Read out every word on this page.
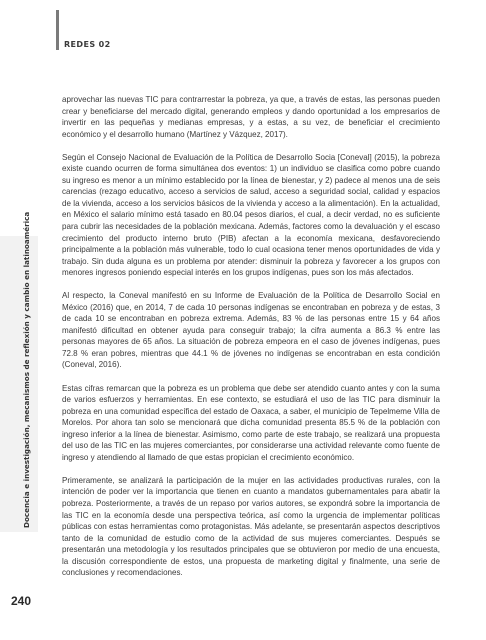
REDES 02
Docencia e investigación, mecanismos de reflexión y cambio en latinoamérica

aprovechar las nuevas TIC para contrarrestar la pobreza, ya que, a través de estas, las personas pueden crear y beneficiarse del mercado digital, generando empleos y dando oportunidad a los empresarios de invertir en las pequeñas y medianas empresas, y a estas, a su vez, de beneficiar el crecimiento económico y el desarrollo humano (Martínez y Vázquez, 2017).

Según el Consejo Nacional de Evaluación de la Política de Desarrollo Socia [Coneval] (2015), la pobreza existe cuando ocurren de forma simultánea dos eventos: 1) un individuo se clasifica como pobre cuando su ingreso es menor a un mínimo establecido por la línea de bienestar, y 2) padece al menos una de seis carencias (rezago educativo, acceso a servicios de salud, acceso a seguridad social, calidad y espacios de la vivienda, acceso a los servicios básicos de la vivienda y acceso a la alimentación). En la actualidad, en México el salario mínimo está tasado en 80.04 pesos diarios, el cual, a decir verdad, no es suficiente para cubrir las necesidades de la población mexicana. Además, factores como la devaluación y el escaso crecimiento del producto interno bruto (PIB) afectan a la economía mexicana, desfavoreciendo principalmente a la población más vulnerable, todo lo cual ocasiona tener menos oportunidades de vida y trabajo. Sin duda alguna es un problema por atender: disminuir la pobreza y favorecer a los grupos con menores ingresos poniendo especial interés en los grupos indígenas, pues son los más afectados.

Al respecto, la Coneval manifestó en su Informe de Evaluación de la Política de Desarrollo Social en México (2016) que, en 2014, 7 de cada 10 personas indígenas se encontraban en pobreza y de estas, 3 de cada 10 se encontraban en pobreza extrema. Además, 83 % de las personas entre 15 y 64 años manifestó dificultad en obtener ayuda para conseguir trabajo; la cifra aumenta a 86.3 % entre las personas mayores de 65 años. La situación de pobreza empeora en el caso de jóvenes indígenas, pues 72.8 % eran pobres, mientras que 44.1 % de jóvenes no indígenas se encontraban en esta condición (Coneval, 2016).

Estas cifras remarcan que la pobreza es un problema que debe ser atendido cuanto antes y con la suma de varios esfuerzos y herramientas. En ese contexto, se estudiará el uso de las TIC para disminuir la pobreza en una comunidad específica del estado de Oaxaca, a saber, el municipio de Tepelmeme Villa de Morelos. Por ahora tan solo se mencionará que dicha comunidad presenta 85.5 % de la población con ingreso inferior a la línea de bienestar. Asimismo, como parte de este trabajo, se realizará una propuesta del uso de las TIC en las mujeres comerciantes, por considerarse una actividad relevante como fuente de ingreso y atendiendo al llamado de que estas propician el crecimiento económico.

Primeramente, se analizará la participación de la mujer en las actividades productivas rurales, con la intención de poder ver la importancia que tienen en cuanto a mandatos gubernamentales para abatir la pobreza. Posteriormente, a través de un repaso por varios autores, se expondrá sobre la importancia de las TIC en la economía desde una perspectiva teórica, así como la urgencia de implementar políticas públicas con estas herramientas como protagonistas. Más adelante, se presentarán aspectos descriptivos tanto de la comunidad de estudio como de la actividad de sus mujeres comerciantes. Después se presentarán una metodología y los resultados principales que se obtuvieron por medio de una encuesta, la discusión correspondiente de estos, una propuesta de marketing digital y finalmente, una serie de conclusiones y recomendaciones.

240
